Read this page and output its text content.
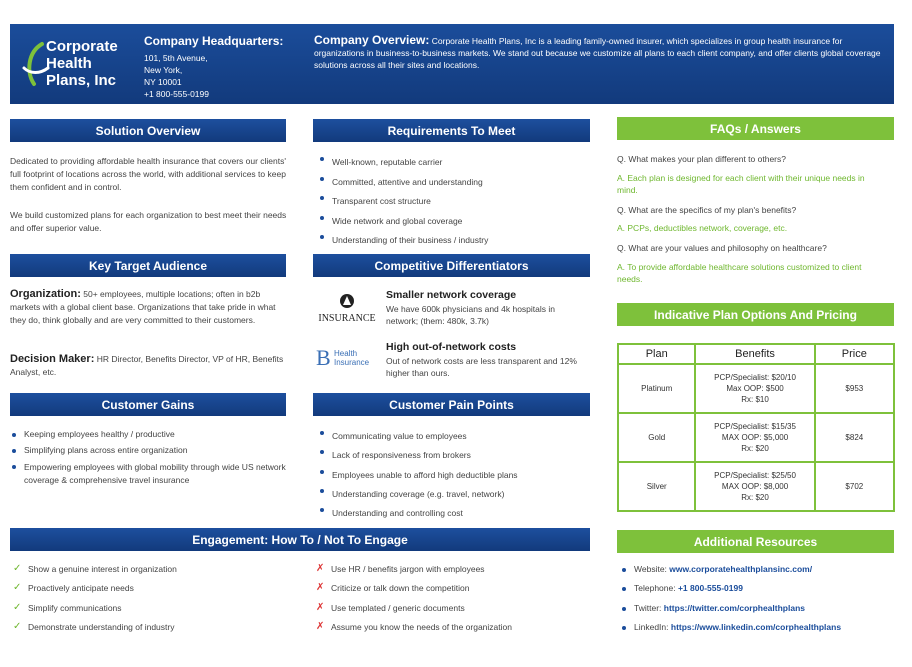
Corporate Health Plans, Inc
Company Headquarters:
101, 5th Avenue,
New York,
NY 10001
+1 800-555-0199
Company Overview: Corporate Health Plans, Inc is a leading family-owned insurer, which specializes in group health insurance for organizations in business-to-business markets. We stand out because we customize all plans to each client company, and offer clients global coverage solutions across all their sites and locations.
Solution Overview
Dedicated to providing affordable health insurance that covers our clients' full footprint of locations across the world, with additional services to keep them confident and in control.
We build customized plans for each organization to best meet their needs and offer superior value.
Key Target Audience
Organization: 50+ employees, multiple locations; often in b2b markets with a global client base. Organizations that take pride in what they do, think globally and are very committed to their customers.
Decision Maker: HR Director, Benefits Director, VP of HR, Benefits Analyst, etc.
Customer Gains
Keeping employees healthy / productive
Simplifying plans across entire organization
Empowering employees with global mobility through wide US network coverage & comprehensive travel insurance
Requirements To Meet
Well-known, reputable carrier
Committed, attentive and understanding
Transparent cost structure
Wide network and global coverage
Understanding of their business / industry
Competitive Differentiators
INSURANCE
Smaller network coverage
We have 600k physicians and 4k hospitals in network; (them: 480k, 3.7k)
B Health Insurance
High out-of-network costs
Out of network costs are less transparent and 12% higher than ours.
Customer Pain Points
Communicating value to employees
Lack of responsiveness from brokers
Employees unable to afford high deductible plans
Understanding coverage (e.g. travel, network)
Understanding and controlling cost
FAQs / Answers
Q. What makes your plan different to others?
A. Each plan is designed for each client with their unique needs in mind.
Q. What are the specifics of my plan's benefits?
A. PCPs, deductibles network, coverage, etc.
Q. What are your values and philosophy on healthcare?
A. To provide affordable healthcare solutions customized to client needs.
Indicative Plan Options And Pricing
Plan	Benefits	Price
Platinum	PCP/Specialist: $20/10
Max OOP: $500
Rx: $10	$953
Gold	PCP/Specialist: $15/35
MAX OOP: $5,000
Rx: $20	$824
Silver	PCP/Specialist: $25/50
MAX OOP: $8,000
Rx: $20	$702
Engagement: How To / Not To Engage
✓ Show a genuine interest in organization
✓ Proactively anticipate needs
✓ Simplify communications
✓ Demonstrate understanding of industry
✗ Use HR / benefits jargon with employees
✗ Criticize or talk down the competition
✗ Use templated / generic documents
✗ Assume you know the needs of the organization
Additional Resources
Website: www.corporatehealthplansinc.com/
Telephone: +1 800-555-0199
Twitter: https://twitter.com/corphealthplans
LinkedIn: https://www.linkedin.com/corphealthplans
